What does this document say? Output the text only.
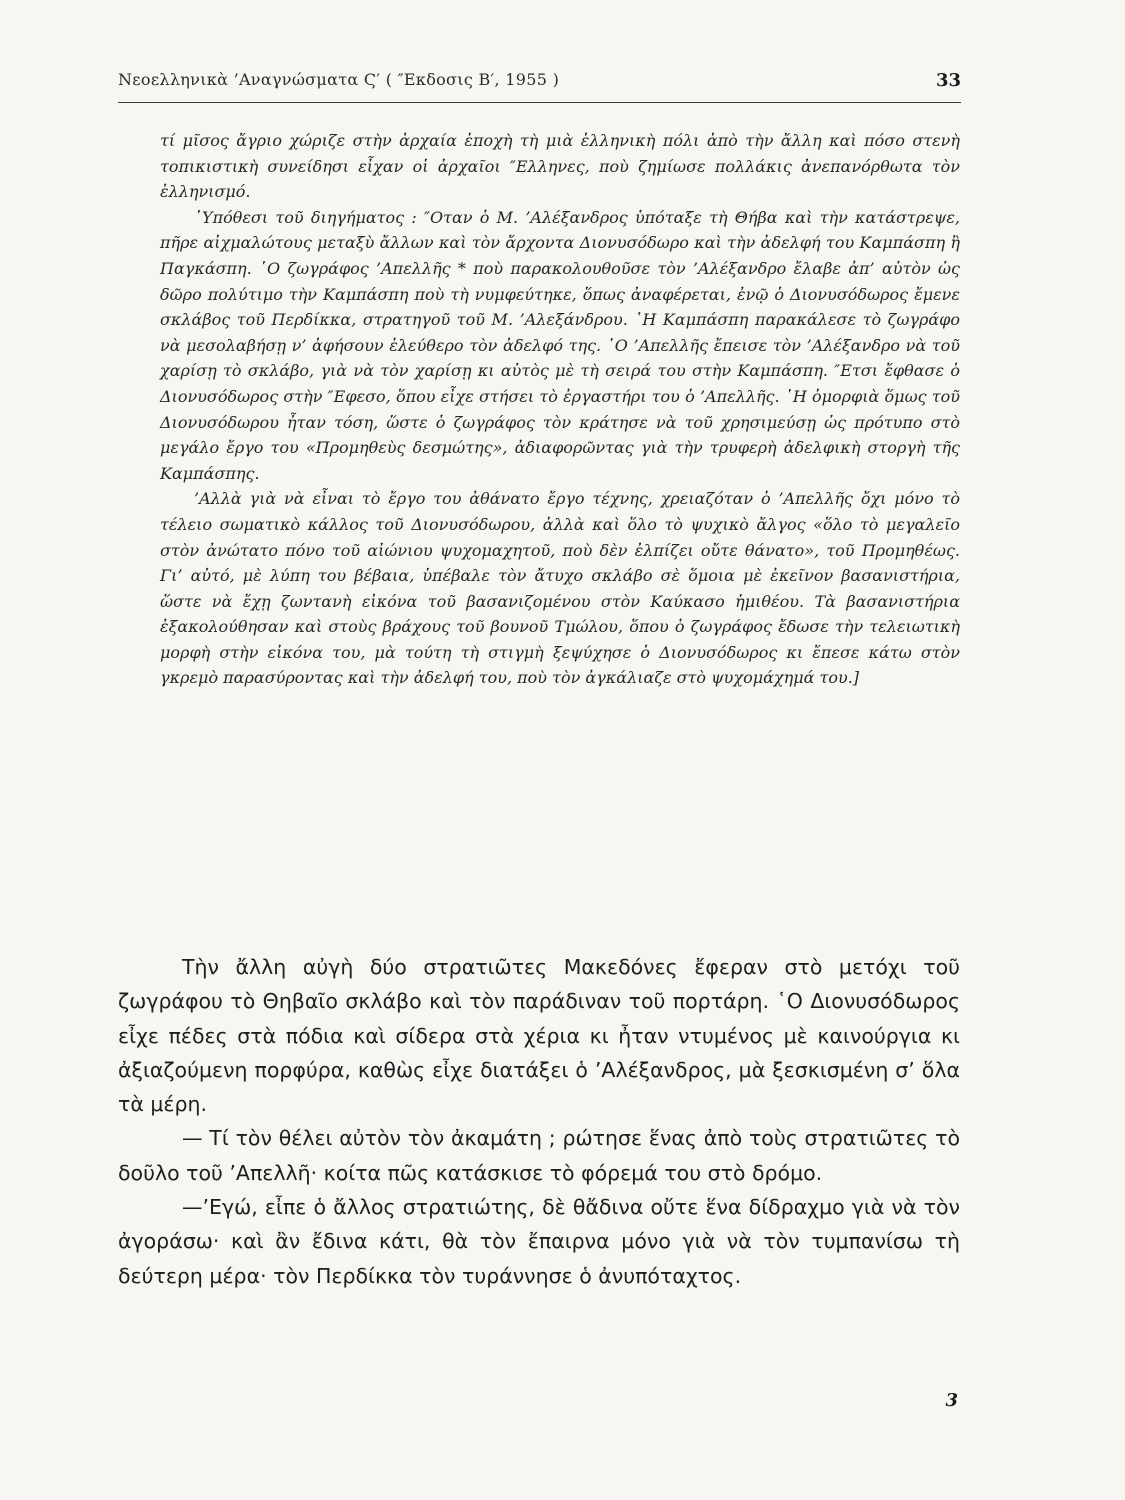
Νεοελληνικὰ ’Αναγνώσματα Ϛ′ ( ″Εκδοσις Β′, 1955 )	33

τί μῖσος ἄγριο χώριζε στὴν ἀρχαία ἐποχὴ τὴ μιὰ ἑλληνικὴ πόλι ἀπὸ τὴν ἄλλη καὶ πόσο στενὴ τοπικιστικὴ συνείδησι εἶχαν οἱ ἀρχαῖοι ″Ελληνες, ποὺ ζημίωσε πολλάκις ἀνεπανόρθωτα τὸν ἑλληνισμό.

῾Υπόθεσι τοῦ διηγήματος : ″Οταν ὁ Μ. ’Αλέξανδρος ὑπόταξε τὴ Θήβα καὶ τὴν κατάστρεψε, πῆρε αἰχμαλώτους μεταξὺ ἄλλων καὶ τὸν ἄρχοντα Διονυσόδωρο καὶ τὴν ἀδελφή του Καμπάσπη ἢ Παγκάσπη. ῾Ο ζωγράφος ’Απελλῆς * ποὺ παρακολουθοῦσε τὸν ’Αλέξανδρο ἔλαβε ἀπ’ αὐτὸν ὡς δῶρο πολύτιμο τὴν Καμπάσπη ποὺ τὴ νυμφεύτηκε, ὅπως ἀναφέρεται, ἐνῷ ὁ Διονυσόδωρος ἔμενε σκλάβος τοῦ Περδίκκα, στρατηγοῦ τοῦ Μ. ’Αλεξάνδρου. ῾Η Καμπάσπη παρακάλεσε τὸ ζωγράφο νὰ μεσολαβήσῃ ν’ ἀφήσουν ἐλεύθερο τὸν ἀδελφό της. ῾Ο ’Απελλῆς ἔπεισε τὸν ’Αλέξανδρο νὰ τοῦ χαρίσῃ τὸ σκλάβο, γιὰ νὰ τὸν χαρίσῃ κι αὐτὸς μὲ τὴ σειρά του στὴν Καμπάσπη. ″Ετσι ἔφθασε ὁ Διονυσόδωρος στὴν ″Εφεσο, ὅπου εἶχε στήσει τὸ ἐργαστήρι του ὁ ’Απελλῆς. ῾Η ὀμορφιὰ ὅμως τοῦ Διονυσόδωρου ἦταν τόση, ὥστε ὁ ζωγράφος τὸν κράτησε νὰ τοῦ χρησιμεύσῃ ὡς πρότυπο στὸ μεγάλο ἔργο του «Προμηθεὺς δεσμώτης», ἀδιαφορῶντας γιὰ τὴν τρυφερὴ ἀδελφικὴ στοργὴ τῆς Καμπάσπης.

’Αλλὰ γιὰ νὰ εἶναι τὸ ἔργο του ἀθάνατο ἔργο τέχνης, χρειαζόταν ὁ ’Απελλῆς ὄχι μόνο τὸ τέλειο σωματικὸ κάλλος τοῦ Διονυσόδωρου, ἀλλὰ καὶ ὅλο τὸ ψυχικὸ ἄλγος «ὅλο τὸ μεγαλεῖο στὸν ἀνώτατο πόνο τοῦ αἰώνιου ψυχομαχητοῦ, ποὺ δὲν ἐλπίζει οὔτε θάνατο», τοῦ Προμηθέως. Γι’ αὐτό, μὲ λύπη του βέβαια, ὑπέβαλε τὸν ἄτυχο σκλάβο σὲ ὅμοια μὲ ἐκεῖνον βασανιστήρια, ὥστε νὰ ἔχῃ ζωντανὴ εἰκόνα τοῦ βασανιζομένου στὸν Καύκασο ἡμιθέου. Τὰ βασανιστήρια ἐξακολούθησαν καὶ στοὺς βράχους τοῦ βουνοῦ Τμώλου, ὅπου ὁ ζωγράφος ἔδωσε τὴν τελειωτικὴ μορφὴ στὴν εἰκόνα του, μὰ τούτη τὴ στιγμὴ ξεψύχησε ὁ Διονυσόδωρος κι ἔπεσε κάτω στὸν γκρεμὸ παρασύροντας καὶ τὴν ἀδελφή του, ποὺ τὸν ἀγκάλιαζε στὸ ψυχομάχημά του.]

Τὴν ἄλλη αὐγὴ δύο στρατιῶτες Μακεδόνες ἔφεραν στὸ μετόχι τοῦ ζωγράφου τὸ Θηβαῖο σκλάβο καὶ τὸν παράδιναν τοῦ πορτάρη. ῾Ο Διονυσόδωρος εἶχε πέδες στὰ πόδια καὶ σίδερα στὰ χέρια κι ἦταν ντυμένος μὲ καινούργια κι ἀξιαζούμενη πορφύρα, καθὼς εἶχε διατάξει ὁ ’Αλέξανδρος, μὰ ξεσκισμένη σ’ ὅλα τὰ μέρη.

— Τί τὸν θέλει αὐτὸν τὸν ἀκαμάτη ; ρώτησε ἕνας ἀπὸ τοὺς στρατιῶτες τὸ δοῦλο τοῦ ’Απελλῆ· κοίτα πῶς κατάσκισε τὸ φόρεμά του στὸ δρόμο.

—’Εγώ, εἶπε ὁ ἄλλος στρατιώτης, δὲ θἄδινα οὔτε ἕνα δίδραχμο γιὰ νὰ τὸν ἀγοράσω· καὶ ἂν ἔδινα κάτι, θὰ τὸν ἔπαιρνα μόνο γιὰ νὰ τὸν τυμπανίσω τὴ δεύτερη μέρα· τὸν Περδίκκα τὸν τυράννησε ὁ ἀνυπόταχτος.

3
